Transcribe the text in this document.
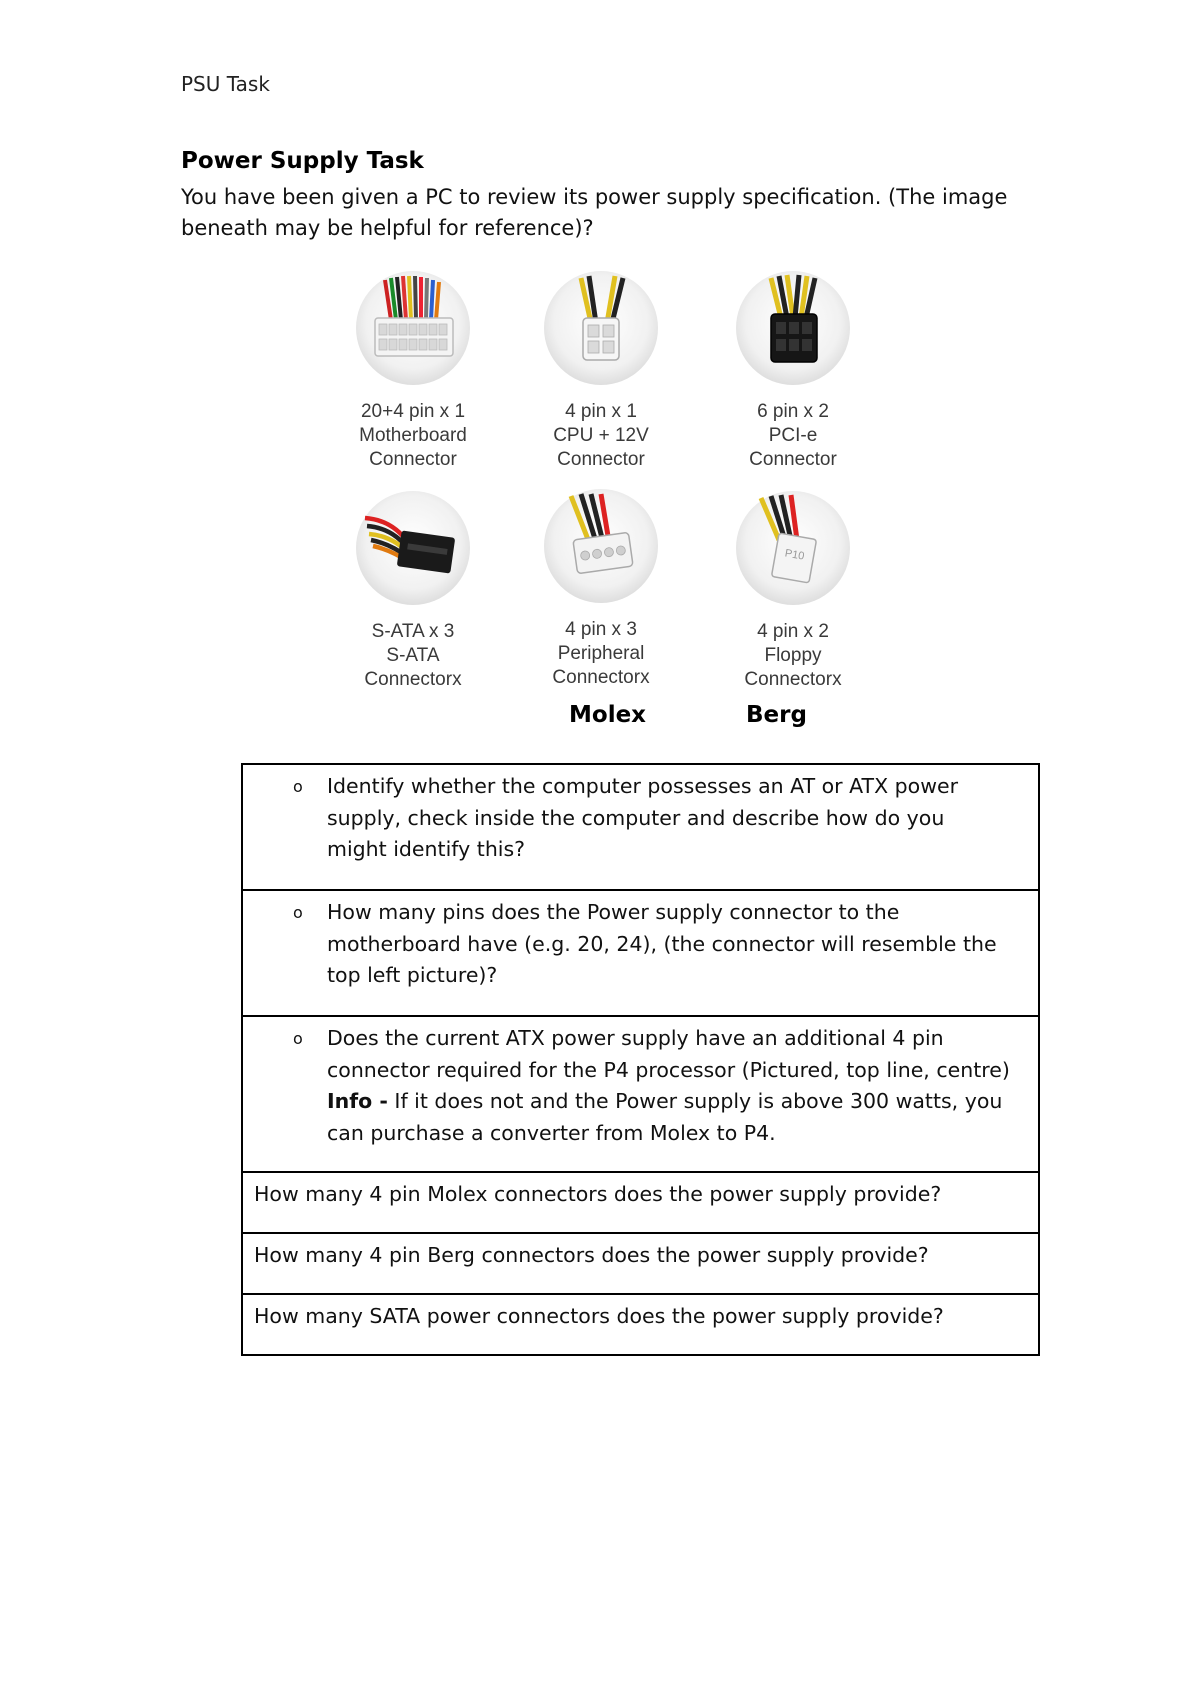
PSU Task
Power Supply Task
You have been given a PC to review its power supply specification. (The image beneath may be helpful for reference)?
20+4 pin x 1
Motherboard
Connector
4 pin x 1
CPU + 12V
Connector
6 pin x 2
PCI-e
Connector
S-ATA x 3
S-ATA
Connectorx
4 pin x 3
Peripheral
Connectorx
P10
4 pin x 2
Floppy
Connectorx
Molex	Berg
o Identify whether the computer possesses an AT or ATX power supply, check inside the computer and describe how do you might identify this?

o How many pins does the Power supply connector to the motherboard have (e.g. 20, 24), (the connector will resemble the top left picture)?

o Does the current ATX power supply have an additional 4 pin connector required for the P4 processor (Pictured, top line, centre) Info - If it does not and the Power supply is above 300 watts, you can purchase a converter from Molex to P4.

How many 4 pin Molex connectors does the power supply provide?

How many 4 pin Berg connectors does the power supply provide?

How many SATA power connectors does the power supply provide?
